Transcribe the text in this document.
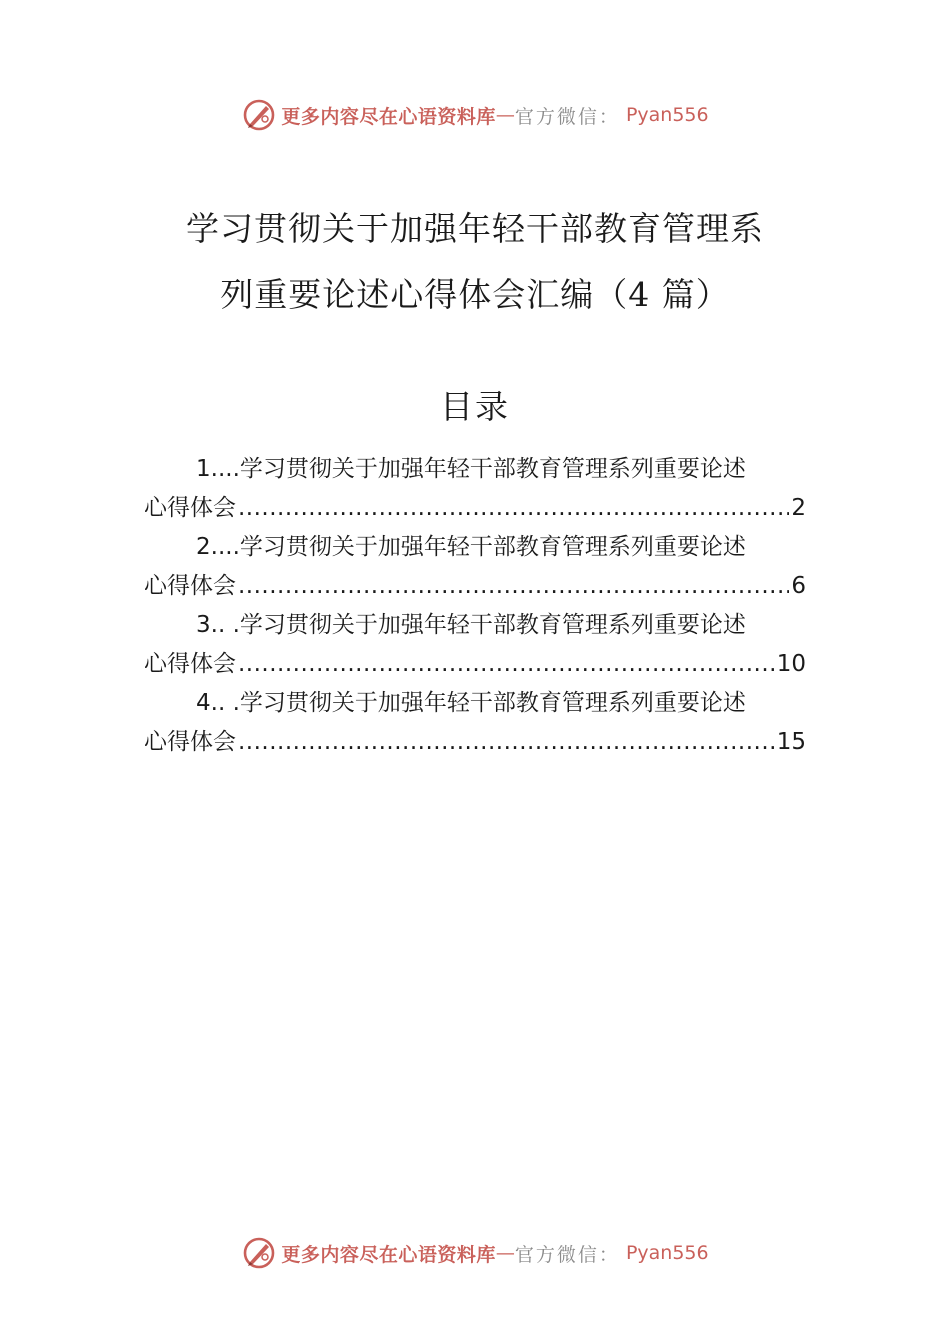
更多内容尽在心语资料库 — 官方微信： Pyan556
学习贯彻关于加强年轻干部教育管理系
列重要论述心得体会汇编（4 篇）
目录
1....学习贯彻关于加强年轻干部教育管理系列重要论述
心得体会 .....	2
2....学习贯彻关于加强年轻干部教育管理系列重要论述
心得体会 .....	6
3.. .学习贯彻关于加强年轻干部教育管理系列重要论述
心得体会 .....	10
4.. .学习贯彻关于加强年轻干部教育管理系列重要论述
心得体会 .....	15
更多内容尽在心语资料库 — 官方微信： Pyan556
